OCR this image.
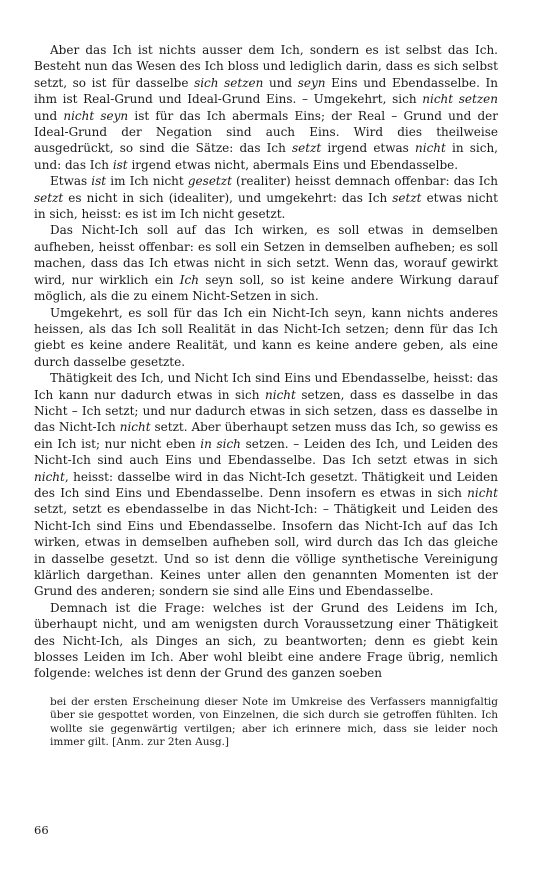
Aber das Ich ist nichts ausser dem Ich, sondern es ist selbst das Ich. Besteht nun das Wesen des Ich bloss und lediglich darin, dass es sich selbst setzt, so ist für dasselbe sich setzen und seyn Eins und Ebendasselbe. In ihm ist Real-Grund und Ideal-Grund Eins. – Umgekehrt, sich nicht setzen und nicht seyn ist für das Ich abermals Eins; der Real – Grund und der Ideal-Grund der Negation sind auch Eins. Wird dies theilweise ausgedrückt, so sind die Sätze: das Ich setzt irgend etwas nicht in sich, und: das Ich ist irgend etwas nicht, abermals Eins und Ebendasselbe.

Etwas ist im Ich nicht gesetzt (realiter) heisst demnach offenbar: das Ich setzt es nicht in sich (idealiter), und umgekehrt: das Ich setzt etwas nicht in sich, heisst: es ist im Ich nicht gesetzt.

Das Nicht-Ich soll auf das Ich wirken, es soll etwas in demselben aufheben, heisst offenbar: es soll ein Setzen in demselben aufheben; es soll machen, dass das Ich etwas nicht in sich setzt. Wenn das, worauf gewirkt wird, nur wirklich ein Ich seyn soll, so ist keine andere Wirkung darauf möglich, als die zu einem Nicht-Setzen in sich.

Umgekehrt, es soll für das Ich ein Nicht-Ich seyn, kann nichts anderes heissen, als das Ich soll Realität in das Nicht-Ich setzen; denn für das Ich giebt es keine andere Realität, und kann es keine andere geben, als eine durch dasselbe gesetzte.

Thätigkeit des Ich, und Nicht Ich sind Eins und Ebendasselbe, heisst: das Ich kann nur dadurch etwas in sich nicht setzen, dass es dasselbe in das Nicht – Ich setzt; und nur dadurch etwas in sich setzen, dass es dasselbe in das Nicht-Ich nicht setzt. Aber überhaupt setzen muss das Ich, so gewiss es ein Ich ist; nur nicht eben in sich setzen. – Leiden des Ich, und Leiden des Nicht-Ich sind auch Eins und Ebendasselbe. Das Ich setzt etwas in sich nicht, heisst: dasselbe wird in das Nicht-Ich gesetzt. Thätigkeit und Leiden des Ich sind Eins und Ebendasselbe. Denn insofern es etwas in sich nicht setzt, setzt es ebendasselbe in das Nicht-Ich: – Thätigkeit und Leiden des Nicht-Ich sind Eins und Ebendasselbe. Insofern das Nicht-Ich auf das Ich wirken, etwas in demselben aufheben soll, wird durch das Ich das gleiche in dasselbe gesetzt. Und so ist denn die völlige synthetische Vereinigung klärlich dargethan. Keines unter allen den genannten Momenten ist der Grund des anderen; sondern sie sind alle Eins und Ebendasselbe.

Demnach ist die Frage: welches ist der Grund des Leidens im Ich, überhaupt nicht, und am wenigsten durch Voraussetzung einer Thätigkeit des Nicht-Ich, als Dinges an sich, zu beantworten; denn es giebt kein blosses Leiden im Ich. Aber wohl bleibt eine andere Frage übrig, nemlich folgende: welches ist denn der Grund des ganzen soeben

bei der ersten Erscheinung dieser Note im Umkreise des Verfassers mannigfaltig über sie gespottet worden, von Einzelnen, die sich durch sie getroffen fühlten. Ich wollte sie gegenwärtig vertilgen; aber ich erinnere mich, dass sie leider noch immer gilt. [Anm. zur 2ten Ausg.]

66
